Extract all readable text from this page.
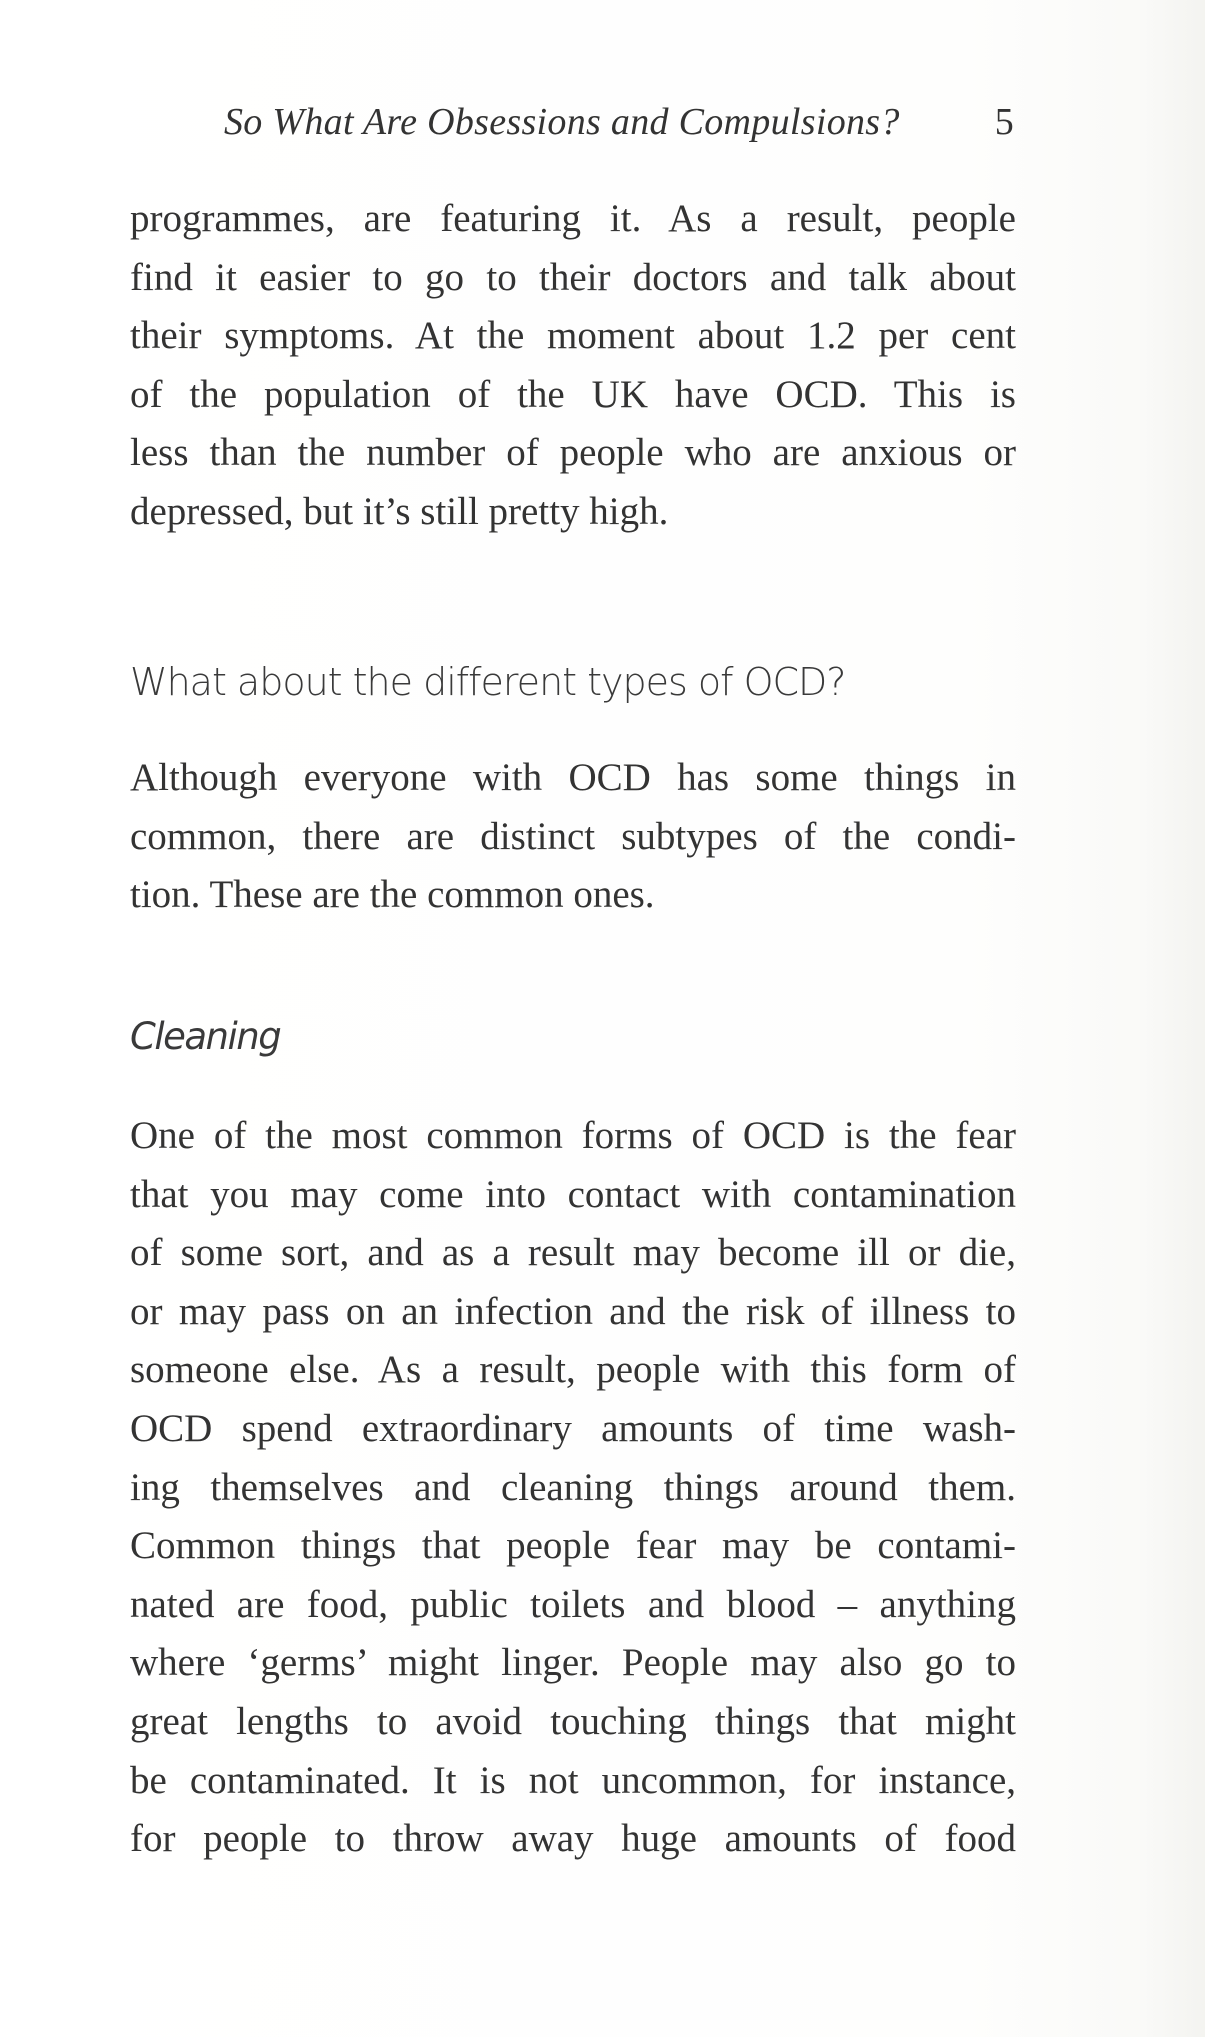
So What Are Obsessions and Compulsions?	5
programmes, are featuring it. As a result, people
find it easier to go to their doctors and talk about
their symptoms. At the moment about 1.2 per cent
of the population of the UK have OCD. This is
less than the number of people who are anxious or
depressed, but it’s still pretty high.
What about the different types of OCD?
Although everyone with OCD has some things in
common, there are distinct subtypes of the condi-
tion. These are the common ones.
Cleaning
One of the most common forms of OCD is the fear
that you may come into contact with contamination
of some sort, and as a result may become ill or die,
or may pass on an infection and the risk of illness to
someone else. As a result, people with this form of
OCD spend extraordinary amounts of time wash-
ing themselves and cleaning things around them.
Common things that people fear may be contami-
nated are food, public toilets and blood – anything
where ‘germs’ might linger. People may also go to
great lengths to avoid touching things that might
be contaminated. It is not uncommon, for instance,
for people to throw away huge amounts of food
